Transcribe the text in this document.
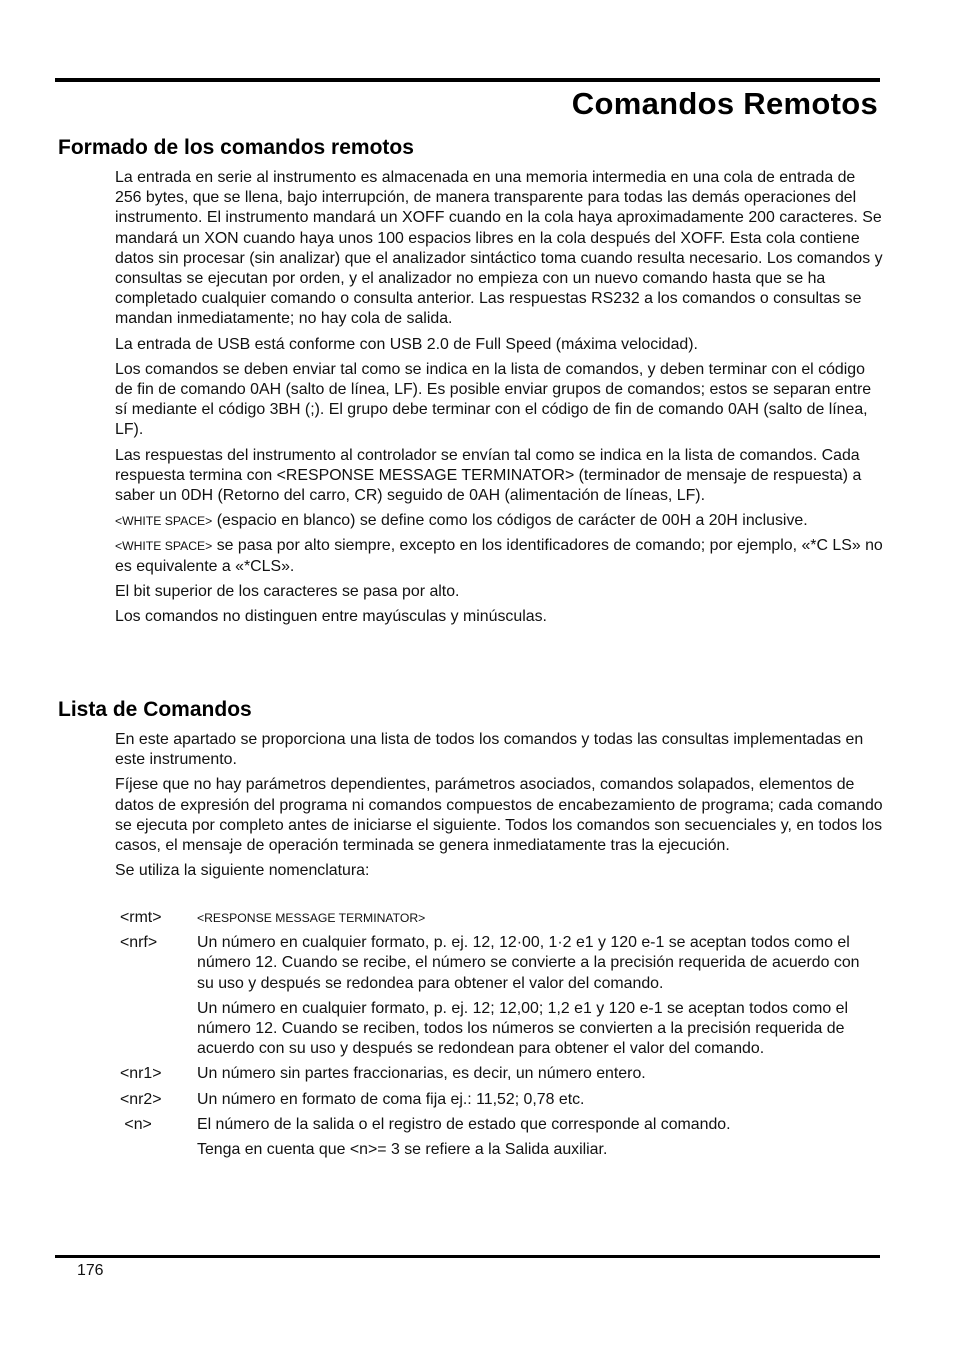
Comandos Remotos
Formado de los comandos remotos

La entrada en serie al instrumento es almacenada en una memoria intermedia en una cola de entrada de 256 bytes, que se llena, bajo interrupción, de manera transparente para todas las demás operaciones del instrumento. El instrumento mandará un XOFF cuando en la cola haya aproximadamente 200 caracteres. Se mandará un XON cuando haya unos 100 espacios libres en la cola después del XOFF. Esta cola contiene datos sin procesar (sin analizar) que el analizador sintáctico toma cuando resulta necesario. Los comandos y consultas se ejecutan por orden, y el analizador no empieza con un nuevo comando hasta que se ha completado cualquier comando o consulta anterior. Las respuestas RS232 a los comandos o consultas se mandan inmediatamente; no hay cola de salida.

La entrada de USB está conforme con USB 2.0 de Full Speed (máxima velocidad).

Los comandos se deben enviar tal como se indica en la lista de comandos, y deben terminar con el código de fin de comando 0AH (salto de línea, LF). Es posible enviar grupos de comandos; estos se separan entre sí mediante el código 3BH (;). El grupo debe terminar con el código de fin de comando 0AH (salto de línea, LF).

Las respuestas del instrumento al controlador se envían tal como se indica en la lista de comandos. Cada respuesta termina con <RESPONSE MESSAGE TERMINATOR> (terminador de mensaje de respuesta) a saber un 0DH (Retorno del carro, CR) seguido de 0AH (alimentación de líneas, LF).

<WHITE SPACE> (espacio en blanco) se define como los códigos de carácter de 00H a 20H inclusive.

<WHITE SPACE> se pasa por alto siempre, excepto en los identificadores de comando; por ejemplo, «*C LS» no es equivalente a «*CLS».

El bit superior de los caracteres se pasa por alto.

Los comandos no distinguen entre mayúsculas y minúsculas.

Lista de Comandos

En este apartado se proporciona una lista de todos los comandos y todas las consultas implementadas en este instrumento.

Fíjese que no hay parámetros dependientes, parámetros asociados, comandos solapados, elementos de datos de expresión del programa ni comandos compuestos de encabezamiento de programa; cada comando se ejecuta por completo antes de iniciarse el siguiente. Todos los comandos son secuenciales y, en todos los casos, el mensaje de operación terminada se genera inmediatamente tras la ejecución.

Se utiliza la siguiente nomenclatura:

<rmt>	<RESPONSE MESSAGE TERMINATOR>
<nrf>	Un número en cualquier formato, p. ej. 12, 12·00, 1·2 e1 y 120 e-1 se aceptan todos como el número 12. Cuando se recibe, el número se convierte a la precisión requerida de acuerdo con su uso y después se redondea para obtener el valor del comando.
Un número en cualquier formato, p. ej. 12; 12,00; 1,2 e1 y 120 e-1 se aceptan todos como el número 12. Cuando se reciben, todos los números se convierten a la precisión requerida de acuerdo con su uso y después se redondean para obtener el valor del comando.
<nr1>	Un número sin partes fraccionarias, es decir, un número entero.
<nr2>	Un número en formato de coma fija ej.: 11,52; 0,78 etc.
<n>	El número de la salida o el registro de estado que corresponde al comando.
Tenga en cuenta que <n>= 3 se refiere a la Salida auxiliar.
176
